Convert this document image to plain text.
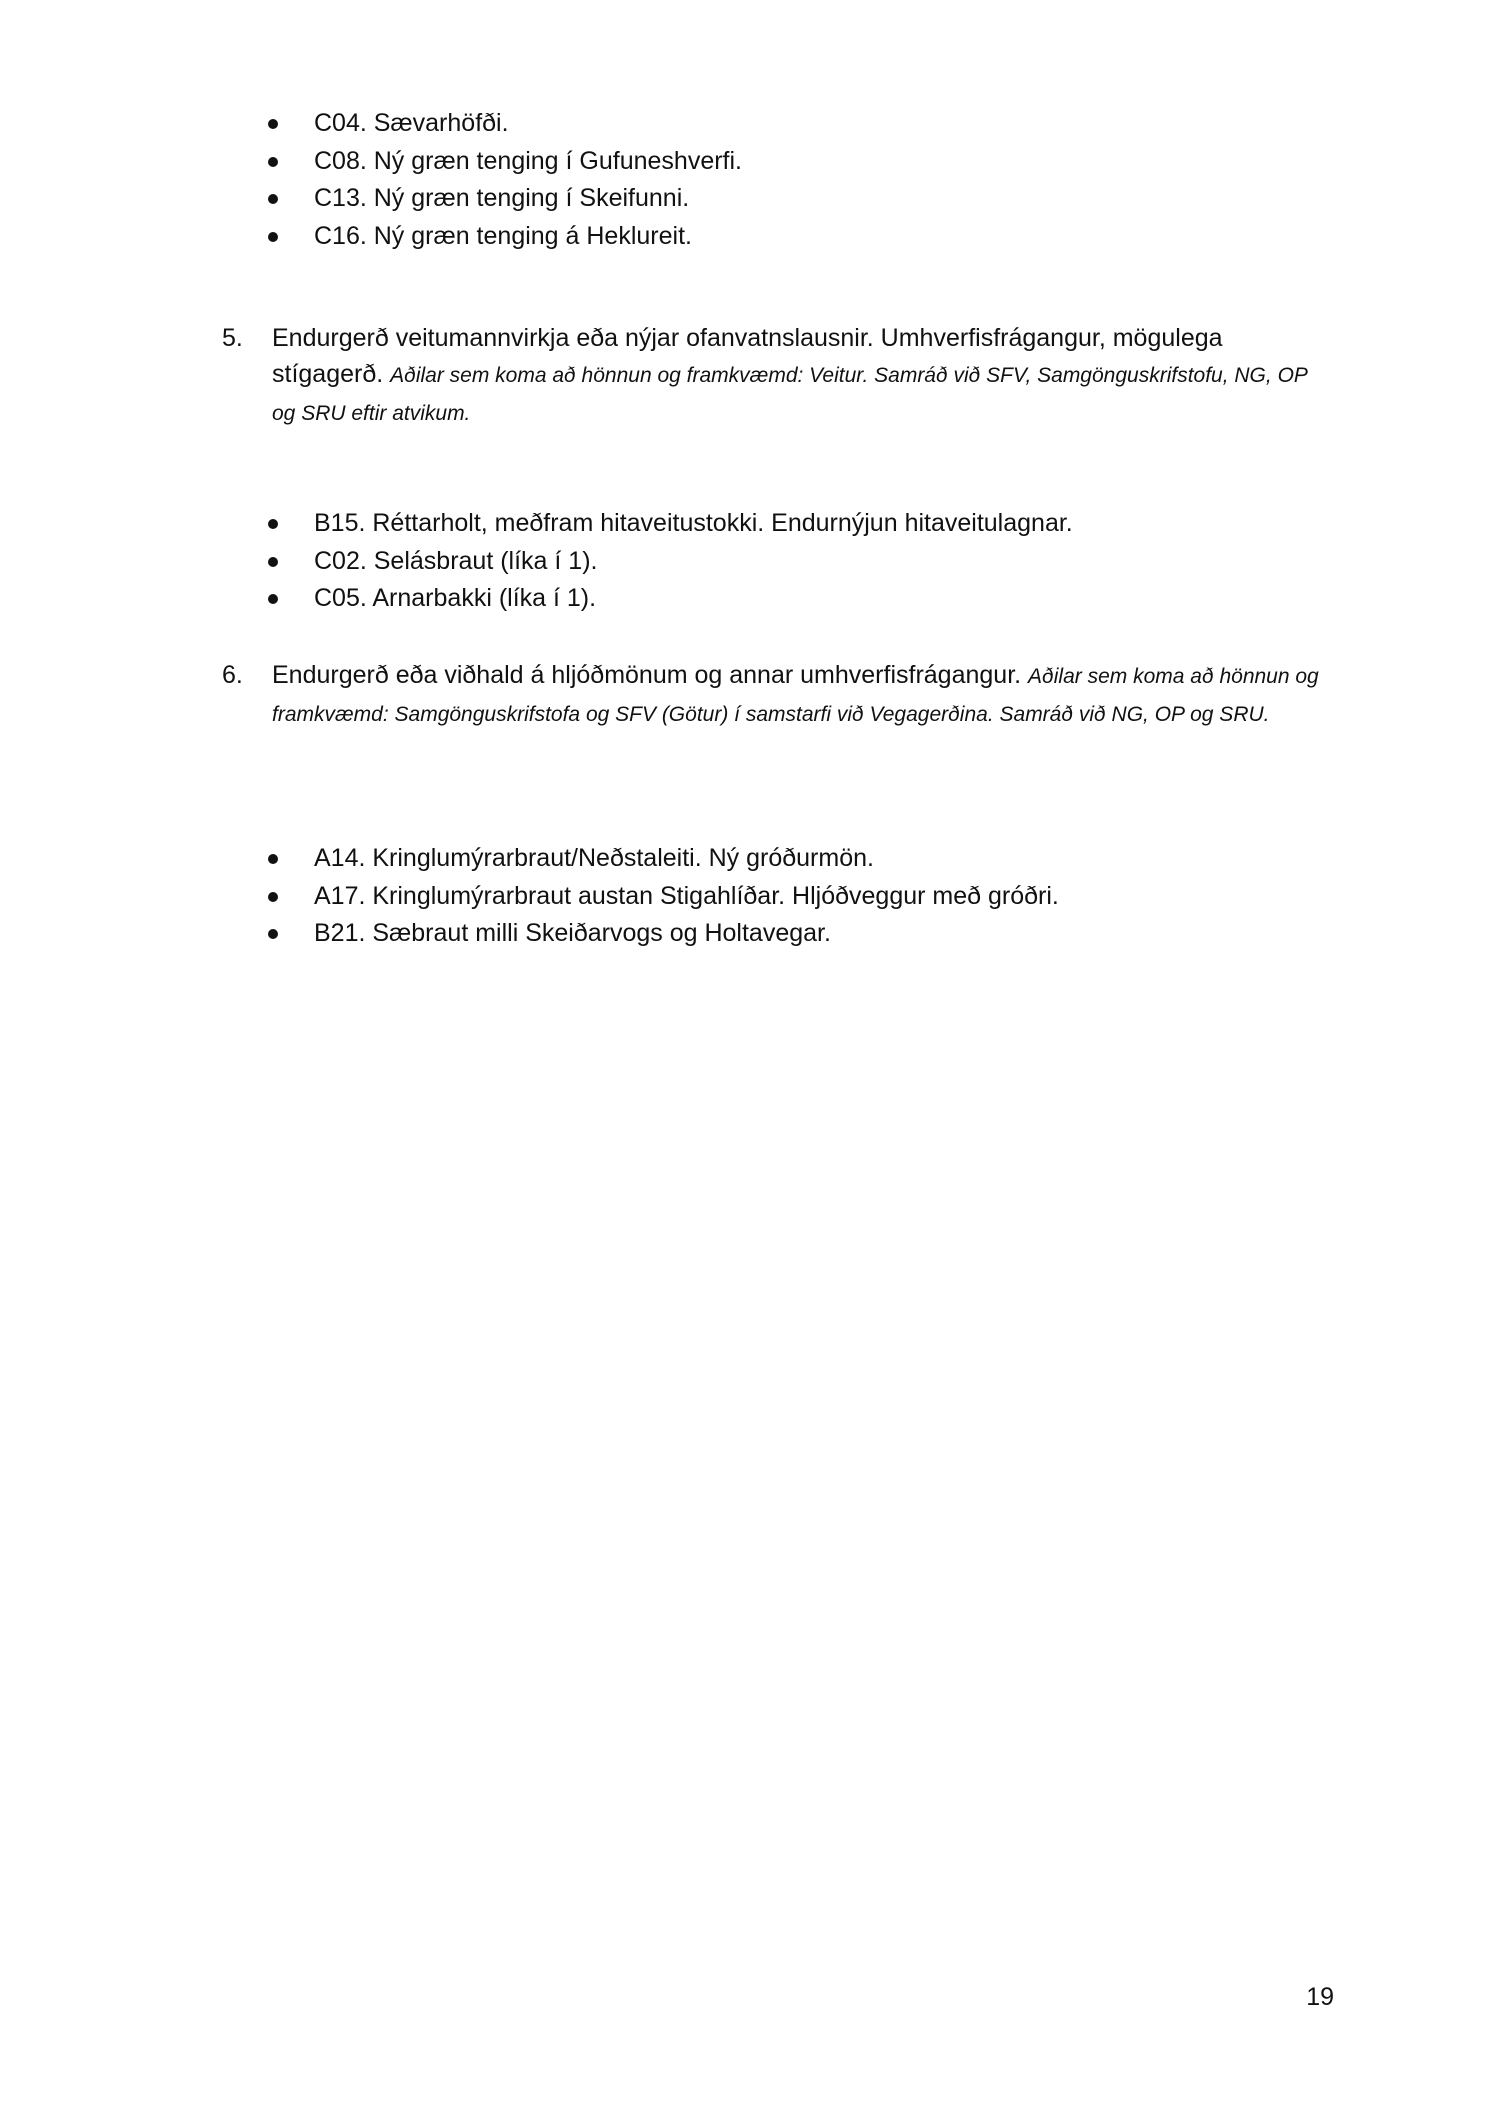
C04. Sævarhöfði.
C08. Ný græn tenging í Gufuneshverfi.
C13. Ný græn tenging í Skeifunni.
C16. Ný græn tenging á Heklureit.
5. Endurgerð veitumannvirkja eða nýjar ofanvatnslausnir. Umhverfisfrágangur, mögulega stígagerð. Aðilar sem koma að hönnun og framkvæmd: Veitur. Samráð við SFV, Samgönguskrifstofu, NG, OP og SRU eftir atvikum.
B15. Réttarholt, meðfram hitaveitustokki. Endurnýjun hitaveitulagnar.
C02. Selásbraut (líka í 1).
C05. Arnarbakki (líka í 1).
6. Endurgerð eða viðhald á hljóðmönum og annar umhverfisfrágangur. Aðilar sem koma að hönnun og framkvæmd: Samgönguskrifstofa og SFV (Götur) í samstarfi við Vegagerðina. Samráð við NG, OP og SRU.
A14. Kringlumýrarbraut/Neðstaleiti. Ný gróðurmön.
A17. Kringlumýrarbraut austan Stigahlíðar. Hljóðveggur með gróðri.
B21. Sæbraut milli Skeiðarvogs og Holtavegar.
19
